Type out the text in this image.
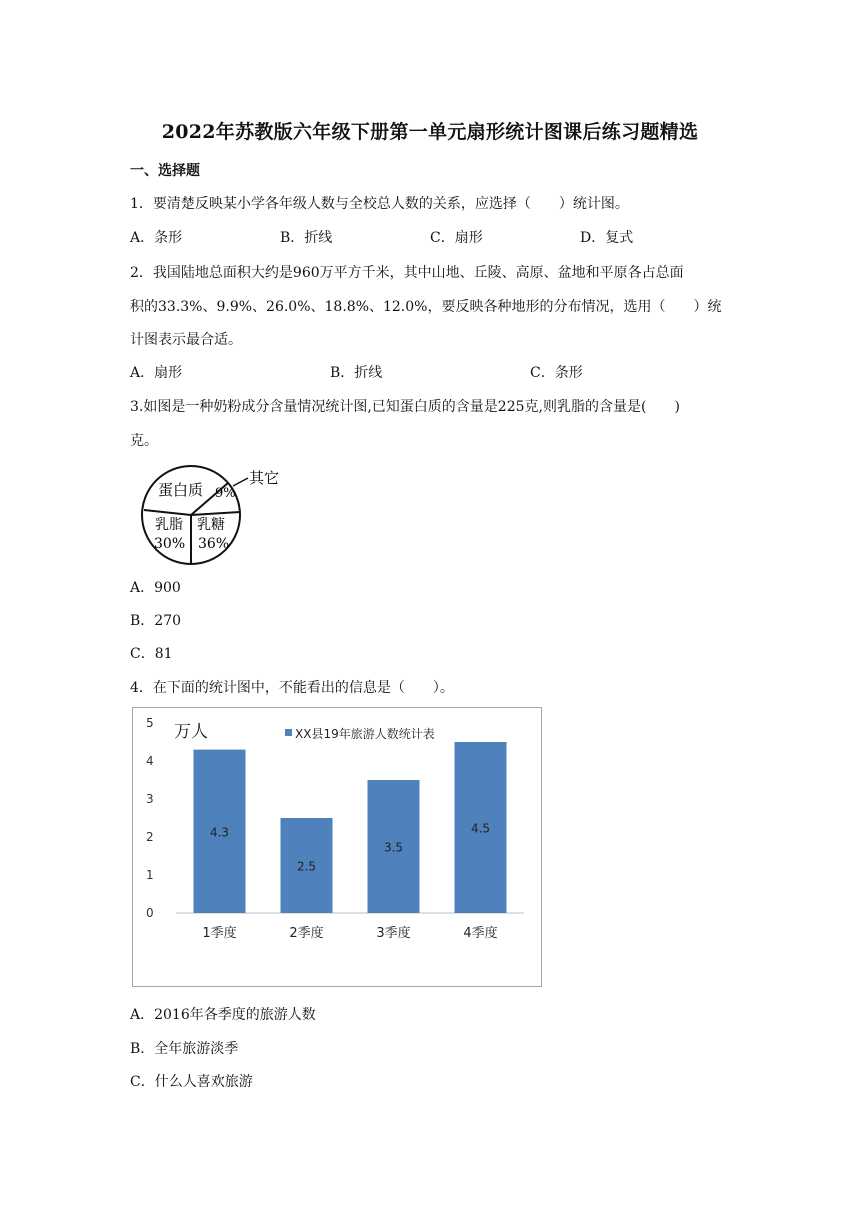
2022年苏教版六年级下册第一单元扇形统计图课后练习题精选
一、选择题
1．要清楚反映某小学各年级人数与全校总人数的关系，应选择（　　）统计图。
A．条形	B．折线	C．扇形	D．复式
2．我国陆地总面积大约是960万平方千米，其中山地、丘陵、高原、盆地和平原各占总面
积的33.3%、9.9%、26.0%、18.8%、12.0%，要反映各种地形的分布情况，选用（　　）统
计图表示最合适。
A．扇形	B．折线	C．条形
3.如图是一种奶粉成分含量情况统计图,已知蛋白质的含量是225克,则乳脂的含量是(　　)
克。
蛋白质 9%
其它
乳脂
30%
乳糖
36%
A．900
B．270
C．81
4．在下面的统计图中，不能看出的信息是（　　）。
0
1
2
3
4
5 万人	XX县19年旅游人数统计表
4.3
1季度
2.5
2季度
3.5
3季度
4.5
4季度
A．2016年各季度的旅游人数
B．全年旅游淡季
C．什么人喜欢旅游
